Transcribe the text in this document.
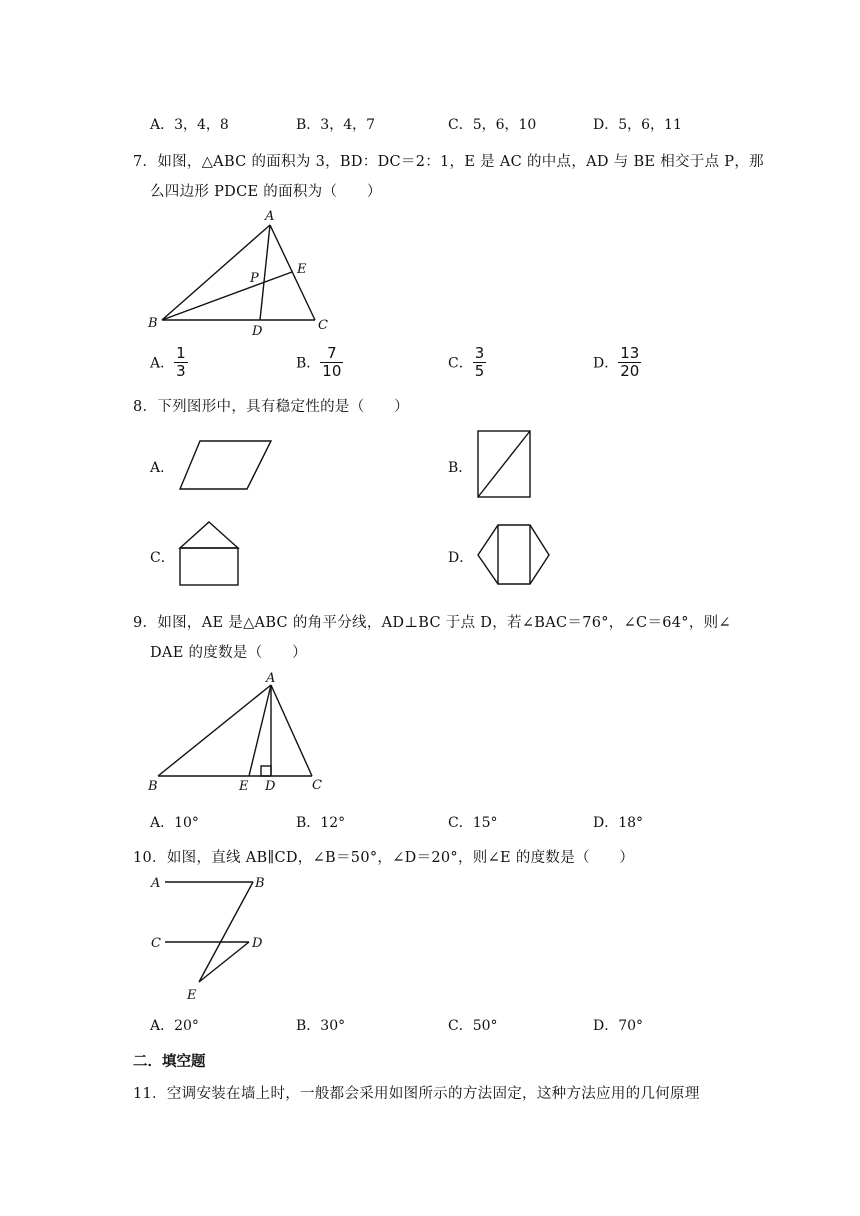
A．3，4，8	B．3，4，7	C．5，6，10	D．5，6，11
7．如图，△ABC 的面积为 3，BD：DC＝2：1，E 是 AC 的中点，AD 与 BE 相交于点 P，那
么四边形 PDCE 的面积为（　　）
A
B	C
D
E
P
A． $\frac{1}{3}$	B． $\frac{7}{10}$	C． $\frac{3}{5}$	D． $\frac{13}{20}$
8．下列图形中，具有稳定性的是（　　）
A．	B．
C．	D．
9．如图，AE 是△ABC 的角平分线，AD⊥BC 于点 D，若∠BAC＝76°，∠C＝64°，则∠
DAE 的度数是（　　）
A
B	C
D
E
A．10°	B．12°	C．15°	D．18°
10．如图，直线 AB∥CD，∠B＝50°，∠D＝20°，则∠E 的度数是（　　）
A	B
C	D
E
A．20°	B．30°	C．50°	D．70°
二．填空题
11．空调安装在墙上时，一般都会采用如图所示的方法固定，这种方法应用的几何原理
